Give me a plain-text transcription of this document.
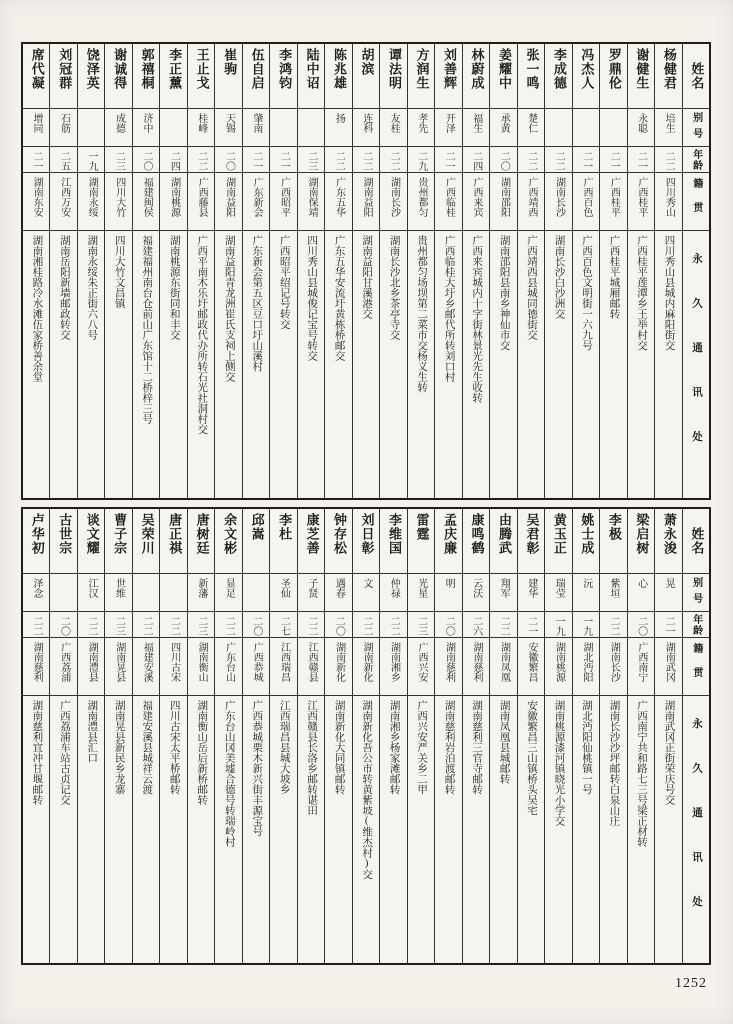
席代凝
增同
二一
湖南东安
湖南湘桂路冷水滩伍家桥善余堂
刘冠群
石筋
二五
江西万安
湖南岳阳新墙邮政转交
饶泽英
一九
湖南永绥
湖南永绥朱正街六八号
谢诚得
成德
二三
四川大竹
四川大竹文昌镇
郭禧桐
济中
二〇
福建闽侯
福建福州南台仓前山广东馆十二桥梓三号
李正薰
二四
湖南桃源
湖南桃源东街同和丰交
王止戈
桂峰
二二
广西藤县
广西平南木乐圩邮政代办所转石光社洞村交
崔驹
天锡
二〇
湖南益阳
湖南益阳青龙洲崔氏支祠上侧交
伍自启
肇南
二一
广东新会
广东新会第五区豆口圩山溪村
李鸿钧
二一
广西昭平
广西昭平绍记号转交
陆中诏
二三
湖南保靖
四川秀山县城俊记宝号转交
陈兆雄
扬
二二
广东五华
广东五华安流圩黄栋桥邮交
胡滨
连科
二二
湖南益阳
湖南益阳甘溪港交
谭法明
友桂
二二
湖南长沙
湖南长沙北乡茶亭寺交
方润生
孝先
二九
贵州都匀
贵州都匀场坝第二菜市交杨义生转
刘善辉
开泽
二一
广西临桂
广西临桂大圩乡邮代所转刘口村
林蔚成
福生
二四
广西来宾
广西来宾城内十字街林景光先生收转
姜耀中
承黄
二〇
湖南邵阳
湖南邵阳县南乡神仙市交
张一鸣
楚仁
二二
广西靖西
广西靖西县城同德街交
李成德
二二
湖南长沙
湖南长沙白沙洲交
冯杰人
二一
广西百色
广西百色文明街一六九号
罗鼎伦
二一
广西桂平
广西桂平城厢邮转
谢健生
永聪
二一
广西桂平
广西桂平莲潭乡王举村交
杨健君
培生
二二
四川秀山
四川秀山县城内麻阳街交
姓名
别号
年龄
籍贯
永久通讯处
卢华初
泽念
二二
湖南慈利
湖南慈利宜冲甘堰邮转
古世宗
二〇
广西荔浦
广西荔浦车站古贞记交
谈文耀
江汉
二二
湖南澧县
湖南澧县汇口
曹子宗
世维
二三
湖南晃县
湖南晃县新民乡龙寨
吴荣川
二二
福建安溪
福建安溪县城祥云渡
唐正祺
二二
四川古宋
四川古宋太平桥邮转
唐树廷
新藩
二三
湖南衡山
湖南衡山岳后新桥邮转
余文彬
显足
二二
广东台山
广东台山冈美墟合德号转瑞岭村
邱嵩
二〇
广西恭城
广西恭城栗木新兴街丰源宝号
李杜
圣仙
二七
江西瑞昌
江西瑞昌县城大坡乡
康芝善
子贤
二二
江西赣县
江西赣县长洛乡邮转谌田
钟存松
遇春
二〇
湖南新化
湖南新化大同镇邮转
刘日彰
文
二二
湖南新化
湖南新化吾公市转黄紫坡(维杰村)交
李维国
仲禄
二二
湖南湘乡
湖南湘乡杨家滩邮转
雷霆
光星
二三
广西兴安
广西兴安严关乡二甲
孟庆廉
明
二〇
湖南慈利
湖南慈利岩泊渡邮转
康鸣鹤
云沃
二六
湖南慈利
湖南慈利三官寺邮转
由腾武
翔军
二二
湖南凤凰
湖南凤凰县城邮转
吴君彰
建华
二一
安徽繁昌
安徽繁昌三山镇桥头吴宅
黄玉正
瑞莹
一九
湖南桃源
湖南桃源漆河镇晓光小学交
姚士成
沅
一九
湖北沔阳
湖北沔阳仙桃镇一号
李极
紫垣
二二
湖南长沙
湖南长沙沙坪邮转白泉山庄
梁启树
心
二〇
广西南宁
广西南宁共和路七三号梁正材转
萧永浚
晃
二一
湖南武冈
湖南武冈正街荣庆号交
姓名
别号
年龄
籍贯
永久通讯处
1252
